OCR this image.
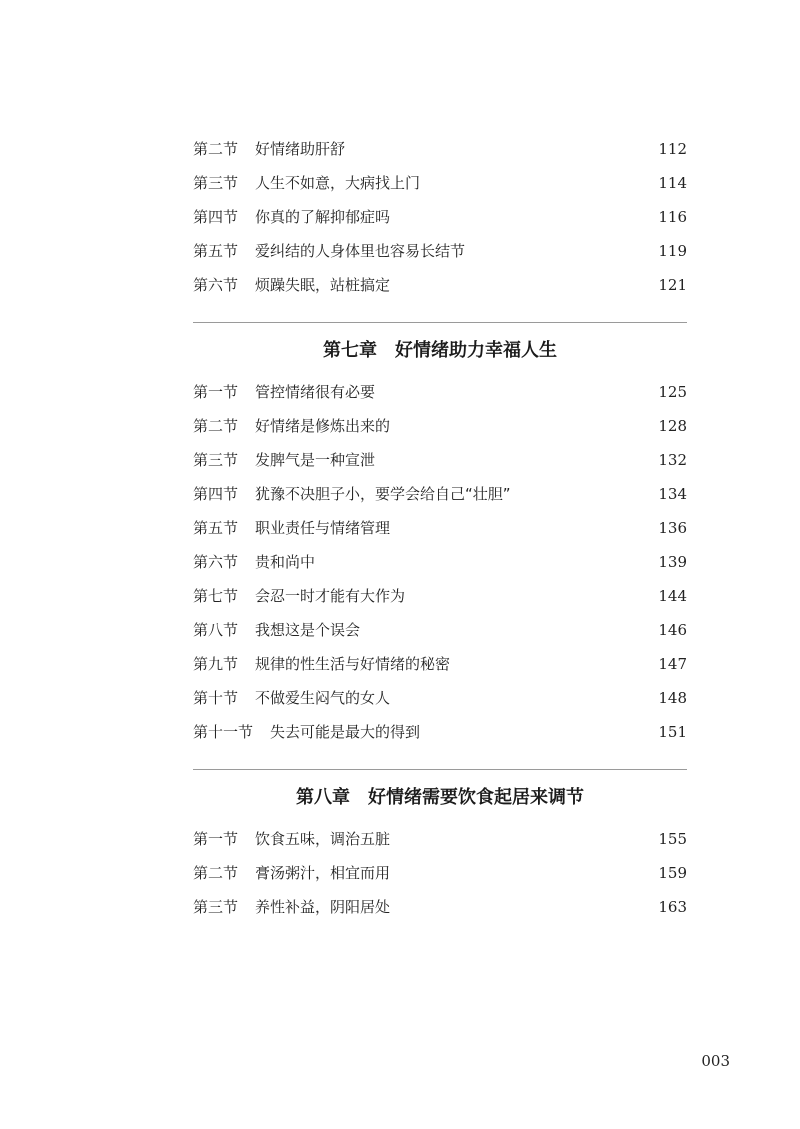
第二节 好情绪助肝舒	112
第三节 人生不如意，大病找上门	114
第四节 你真的了解抑郁症吗	116
第五节 爱纠结的人身体里也容易长结节	119
第六节 烦躁失眠，站桩搞定	121
第七章 好情绪助力幸福人生
第一节 管控情绪很有必要	125
第二节 好情绪是修炼出来的	128
第三节 发脾气是一种宣泄	132
第四节 犹豫不决胆子小，要学会给自己“壮胆”	134
第五节 职业责任与情绪管理	136
第六节 贵和尚中	139
第七节 会忍一时才能有大作为	144
第八节 我想这是个误会	146
第九节 规律的性生活与好情绪的秘密	147
第十节 不做爱生闷气的女人	148
第十一节 失去可能是最大的得到	151
第八章 好情绪需要饮食起居来调节
第一节 饮食五味，调治五脏	155
第二节 膏汤粥汁，相宜而用	159
第三节 养性补益，阴阳居处	163
003
